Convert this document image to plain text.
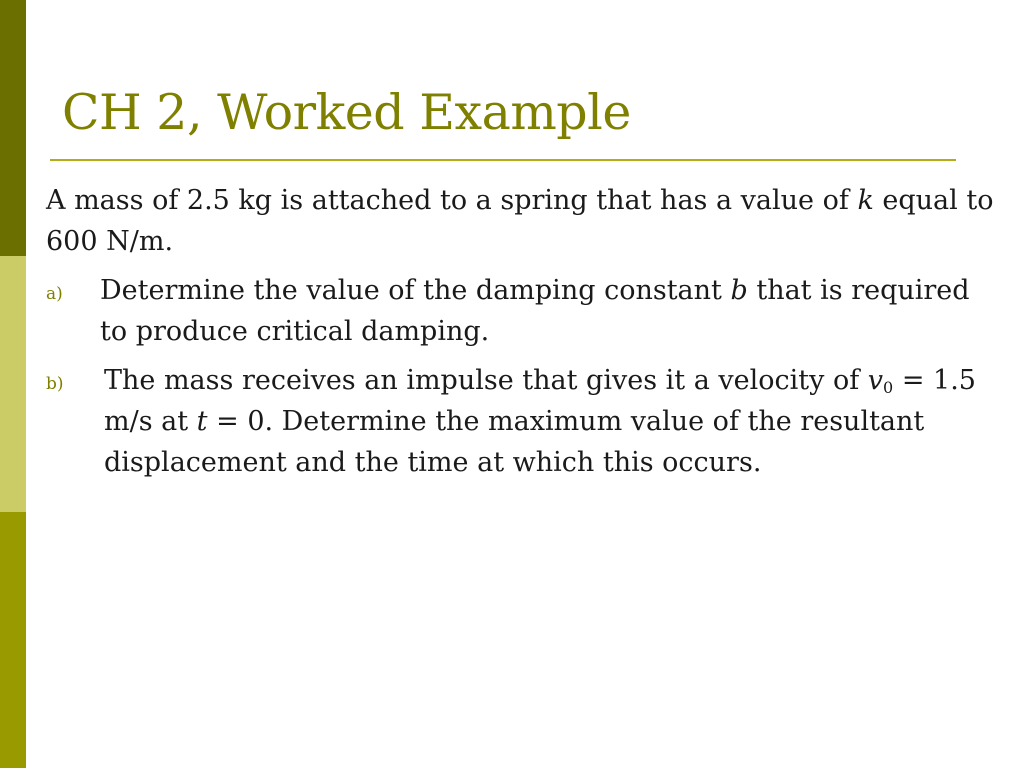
CH 2, Worked Example

A mass of 2.5 kg is attached to a spring that has a value of k equal to 600 N/m.

a)	Determine the value of the damping constant b that is required to produce critical damping.
b)	The mass receives an impulse that gives it a velocity of $v_0 = 1.5$ m/s at t = 0. Determine the maximum value of the resultant displacement and the time at which this occurs.
